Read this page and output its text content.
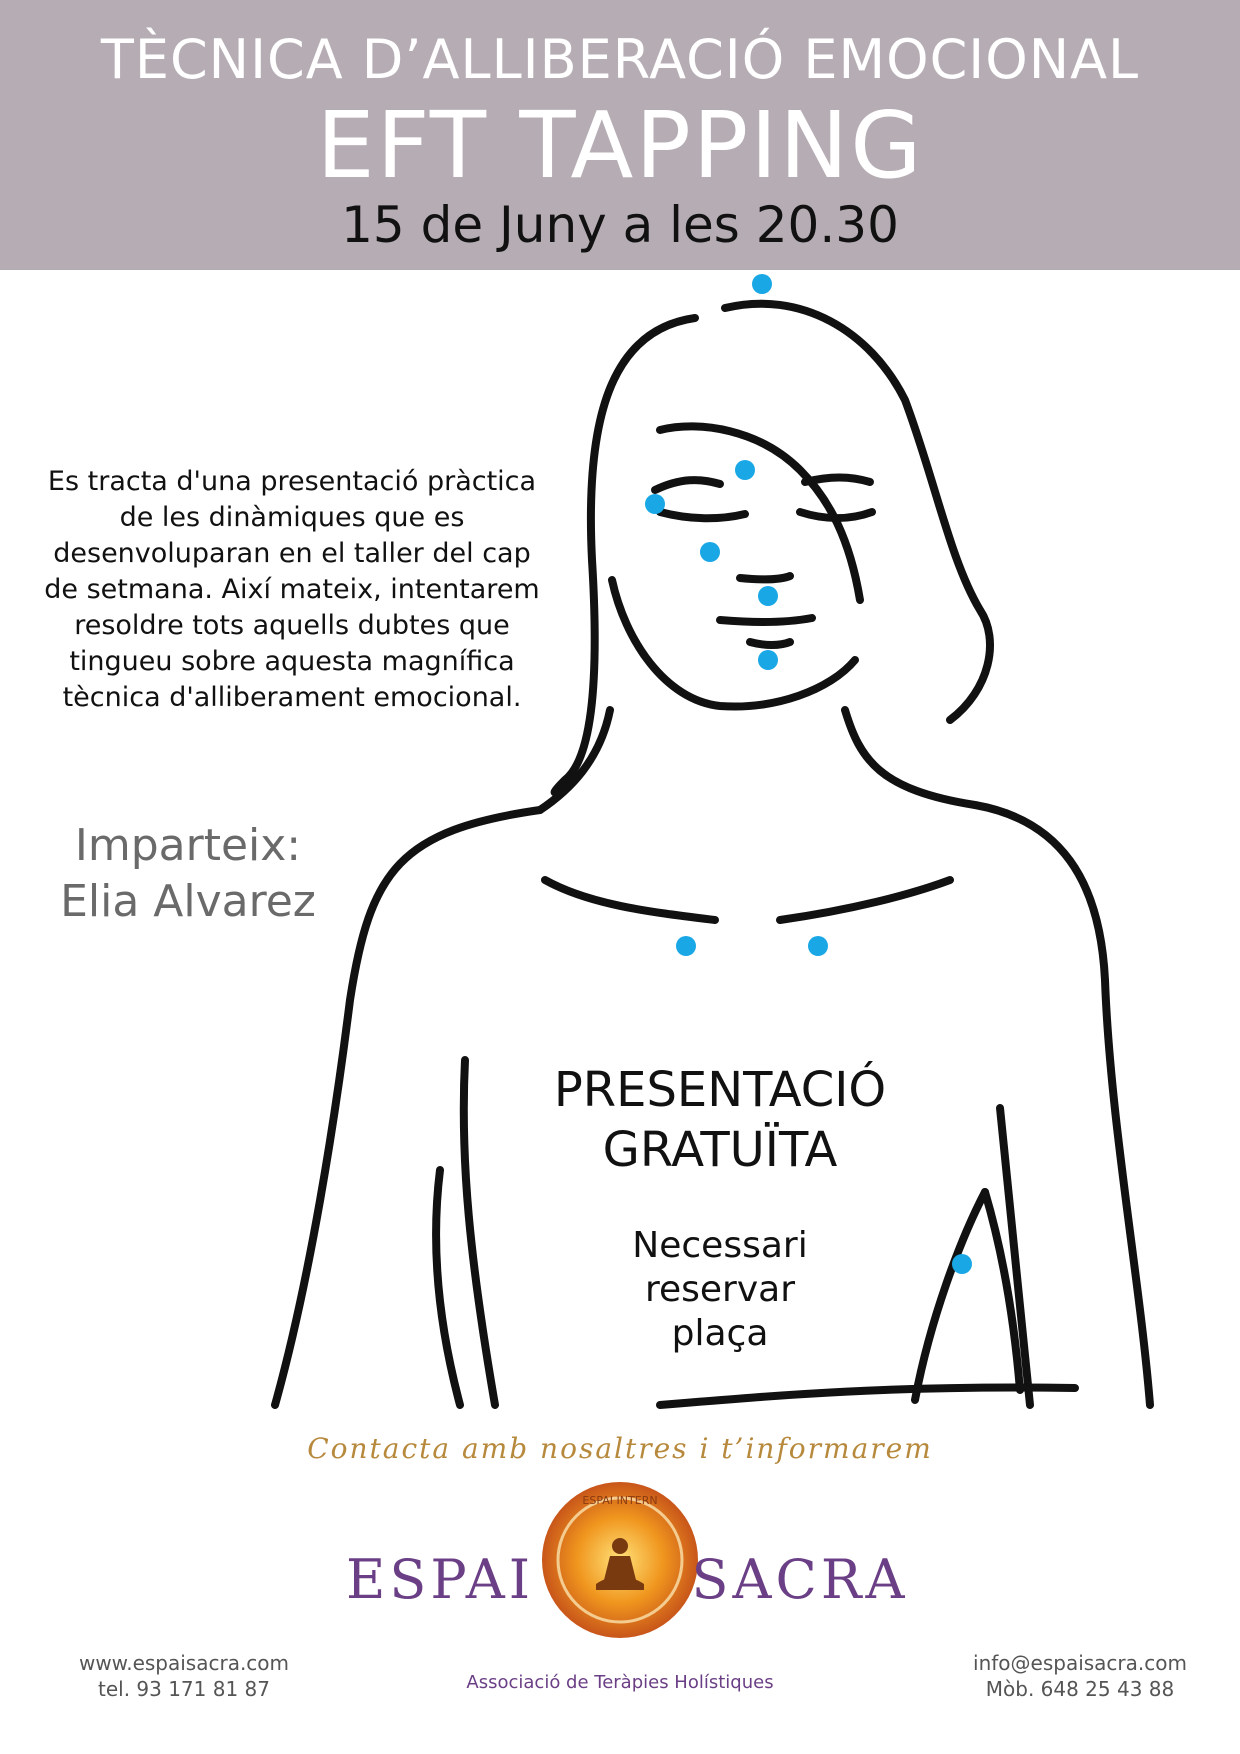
TÈCNICA D’ALLIBERACIÓ EMOCIONAL
EFT TAPPING
15 de Juny a les 20.30
Es tracta d'una presentació pràctica
de les dinàmiques que es
desenvoluparan en el taller del cap
de setmana. Així mateix, intentarem
resoldre tots aquells dubtes que
tingueu sobre aquesta magnífica
tècnica d'alliberament emocional.
Imparteix:
Elia Alvarez
PRESENTACIÓ
GRATUÏTA
Necessari
reservar
plaça
Contacta amb nosaltres i t’informarem
ESPAI INTERN
ESPAI	SACRA
Associació de Teràpies Holístiques
www.espaisacra.com
tel. 93 171 81 87
info@espaisacra.com
Mòb. 648 25 43 88
